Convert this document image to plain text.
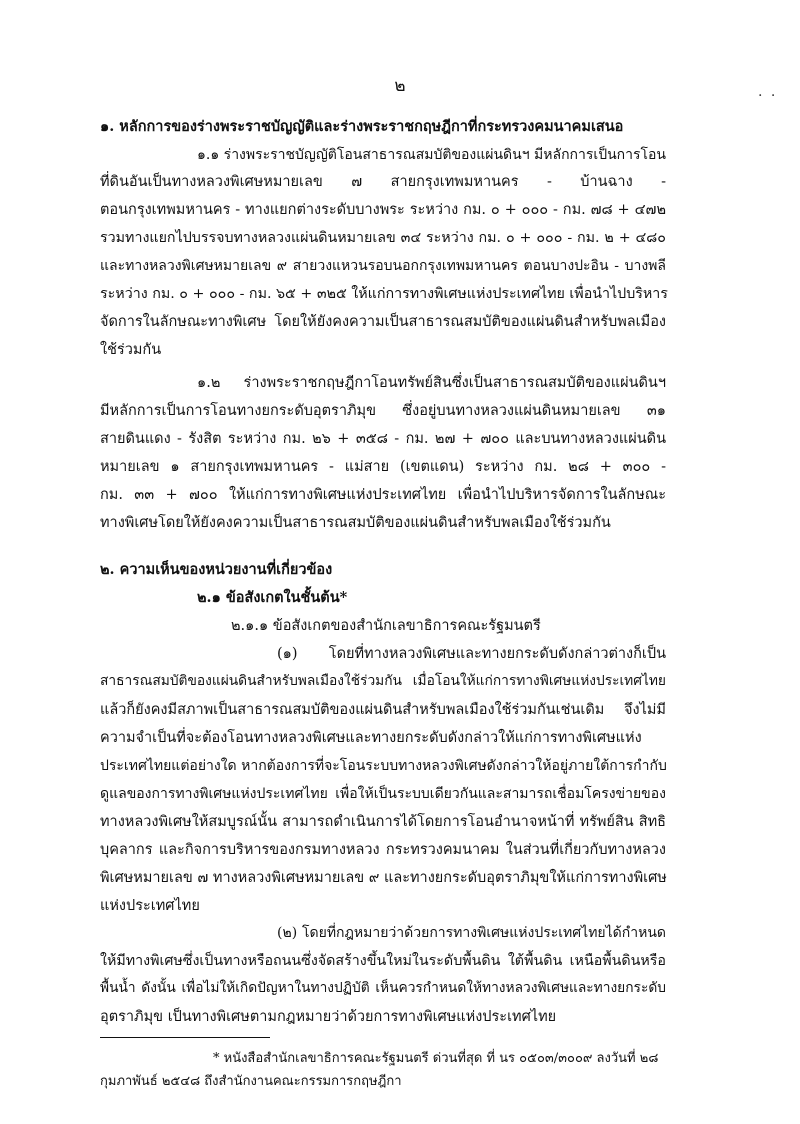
๒	. .
๑. หลักการของร่างพระราชบัญญัติและร่างพระราชกฤษฎีกาที่กระทรวงคมนาคมเสนอ
๑.๑ ร่างพระราชบัญญัติโอนสาธารณสมบัติของแผ่นดินฯ มีหลักการเป็นการโอน
ที่ดินอันเป็นทางหลวงพิเศษหมายเลข ๗ สายกรุงเทพมหานคร - บ้านฉาง -
ตอนกรุงเทพมหานคร - ทางแยกต่างระดับบางพระ ระหว่าง กม. ๐ + ๐๐๐ - กม. ๗๘ + ๔๗๒
รวมทางแยกไปบรรจบทางหลวงแผ่นดินหมายเลข ๓๔ ระหว่าง กม. ๐ + ๐๐๐ - กม. ๒ + ๔๘๐
และทางหลวงพิเศษหมายเลข ๙ สายวงแหวนรอบนอกกรุงเทพมหานคร ตอนบางปะอิน - บางพลี
ระหว่าง กม. ๐ + ๐๐๐ - กม. ๖๕ + ๓๒๕ ให้แก่การทางพิเศษแห่งประเทศไทย เพื่อนำไปบริหาร
จัดการในลักษณะทางพิเศษ โดยให้ยังคงความเป็นสาธารณสมบัติของแผ่นดินสำหรับพลเมือง
ใช้ร่วมกัน
๑.๒ ร่างพระราชกฤษฎีกาโอนทรัพย์สินซึ่งเป็นสาธารณสมบัติของแผ่นดินฯ
มีหลักการเป็นการโอนทางยกระดับอุตราภิมุข ซึ่งอยู่บนทางหลวงแผ่นดินหมายเลข ๓๑
สายดินแดง - รังสิต ระหว่าง กม. ๒๖ + ๓๕๘ - กม. ๒๗ + ๗๐๐ และบนทางหลวงแผ่นดิน
หมายเลข ๑ สายกรุงเทพมหานคร - แม่สาย (เขตแดน) ระหว่าง กม. ๒๘ + ๓๐๐ -
กม. ๓๓ + ๗๐๐ ให้แก่การทางพิเศษแห่งประเทศไทย เพื่อนำไปบริหารจัดการในลักษณะ
ทางพิเศษโดยให้ยังคงความเป็นสาธารณสมบัติของแผ่นดินสำหรับพลเมืองใช้ร่วมกัน
๒. ความเห็นของหน่วยงานที่เกี่ยวข้อง
๒.๑ ข้อสังเกตในชั้นต้น*
๒.๑.๑ ข้อสังเกตของสำนักเลขาธิการคณะรัฐมนตรี
(๑) โดยที่ทางหลวงพิเศษและทางยกระดับดังกล่าวต่างก็เป็น
สาธารณสมบัติของแผ่นดินสำหรับพลเมืองใช้ร่วมกัน เมื่อโอนให้แก่การทางพิเศษแห่งประเทศไทย
แล้วก็ยังคงมีสภาพเป็นสาธารณสมบัติของแผ่นดินสำหรับพลเมืองใช้ร่วมกันเช่นเดิม จึงไม่มี
ความจำเป็นที่จะต้องโอนทางหลวงพิเศษและทางยกระดับดังกล่าวให้แก่การทางพิเศษแห่ง
ประเทศไทยแต่อย่างใด หากต้องการที่จะโอนระบบทางหลวงพิเศษดังกล่าวให้อยู่ภายใต้การกำกับ
ดูแลของการทางพิเศษแห่งประเทศไทย เพื่อให้เป็นระบบเดียวกันและสามารถเชื่อมโครงข่ายของ
ทางหลวงพิเศษให้สมบูรณ์นั้น สามารถดำเนินการได้โดยการโอนอำนาจหน้าที่ ทรัพย์สิน สิทธิ
บุคลากร และกิจการบริหารของกรมทางหลวง กระทรวงคมนาคม ในส่วนที่เกี่ยวกับทางหลวง
พิเศษหมายเลข ๗ ทางหลวงพิเศษหมายเลข ๙ และทางยกระดับอุตราภิมุขให้แก่การทางพิเศษ
แห่งประเทศไทย
(๒) โดยที่กฎหมายว่าด้วยการทางพิเศษแห่งประเทศไทยได้กำหนด
ให้มีทางพิเศษซึ่งเป็นทางหรือถนนซึ่งจัดสร้างขึ้นใหม่ในระดับพื้นดิน ใต้พื้นดิน เหนือพื้นดินหรือ
พื้นน้ำ ดังนั้น เพื่อไม่ให้เกิดปัญหาในทางปฏิบัติ เห็นควรกำหนดให้ทางหลวงพิเศษและทางยกระดับ
อุตราภิมุข เป็นทางพิเศษตามกฎหมายว่าด้วยการทางพิเศษแห่งประเทศไทย
* หนังสือสำนักเลขาธิการคณะรัฐมนตรี ด่วนที่สุด ที่ นร ๐๕๐๓/๓๐๐๙ ลงวันที่ ๒๘
กุมภาพันธ์ ๒๕๔๘ ถึงสำนักงานคณะกรรมการกฤษฎีกา
